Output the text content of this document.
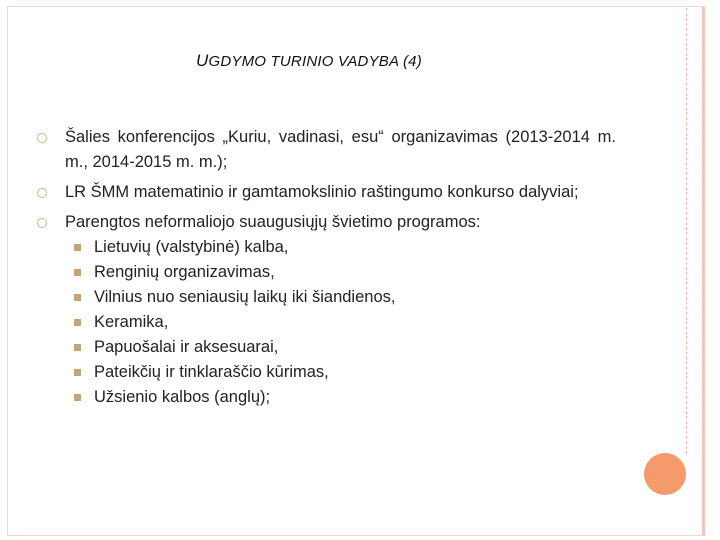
UGDYMO TURINIO VADYBA (4)
Šalies konferencijos „Kuriu, vadinasi, esu“ organizavimas (2013-2014 m. m., 2014-2015 m. m.);
LR ŠMM matematinio ir gamtamokslinio raštingumo konkurso dalyviai;
Parengtos neformaliojo suaugusiųjų švietimo programos:
Lietuvių (valstybinė) kalba,
Renginių organizavimas,
Vilnius nuo seniausių laikų iki šiandienos,
Keramika,
Papuošalai ir aksesuarai,
Pateikčių ir tinklaraščio kūrimas,
Užsienio kalbos (anglų);
